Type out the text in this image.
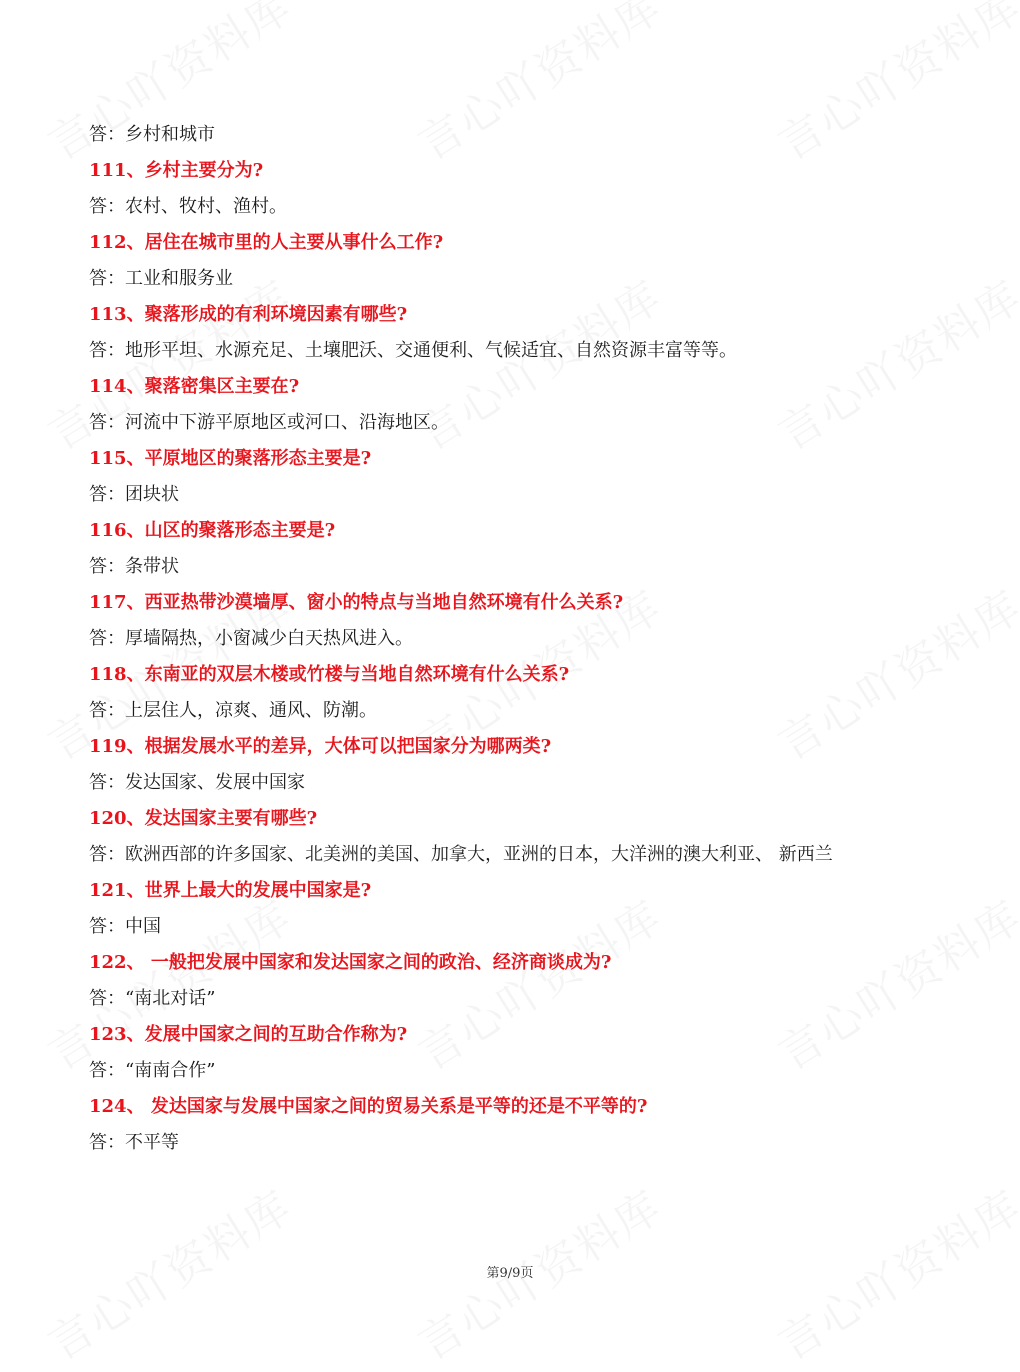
答：乡村和城市
111、乡村主要分为?
答：农村、牧村、渔村。
112、居住在城市里的人主要从事什么工作?
答：工业和服务业
113、聚落形成的有利环境因素有哪些?
答：地形平坦、水源充足、土壤肥沃、交通便利、气候适宜、自然资源丰富等等。
114、聚落密集区主要在?
答：河流中下游平原地区或河口、沿海地区。
115、平原地区的聚落形态主要是?
答：团块状
116、山区的聚落形态主要是?
答：条带状
117、西亚热带沙漠墙厚、窗小的特点与当地自然环境有什么关系?
答：厚墙隔热，小窗减少白天热风进入。
118、东南亚的双层木楼或竹楼与当地自然环境有什么关系?
答：上层住人，凉爽、通风、防潮。
119、根据发展水平的差异，大体可以把国家分为哪两类?
答：发达国家、发展中国家
120、发达国家主要有哪些?
答：欧洲西部的许多国家、北美洲的美国、加拿大，亚洲的日本，大洋洲的澳大利亚、 新西兰
121、世界上最大的发展中国家是?
答：中国
122、 一般把发展中国家和发达国家之间的政治、经济商谈成为?
答：“南北对话”
123、发展中国家之间的互助合作称为?
答：“南南合作”
124、 发达国家与发展中国家之间的贸易关系是平等的还是不平等的?
答：不平等
第9/9页
